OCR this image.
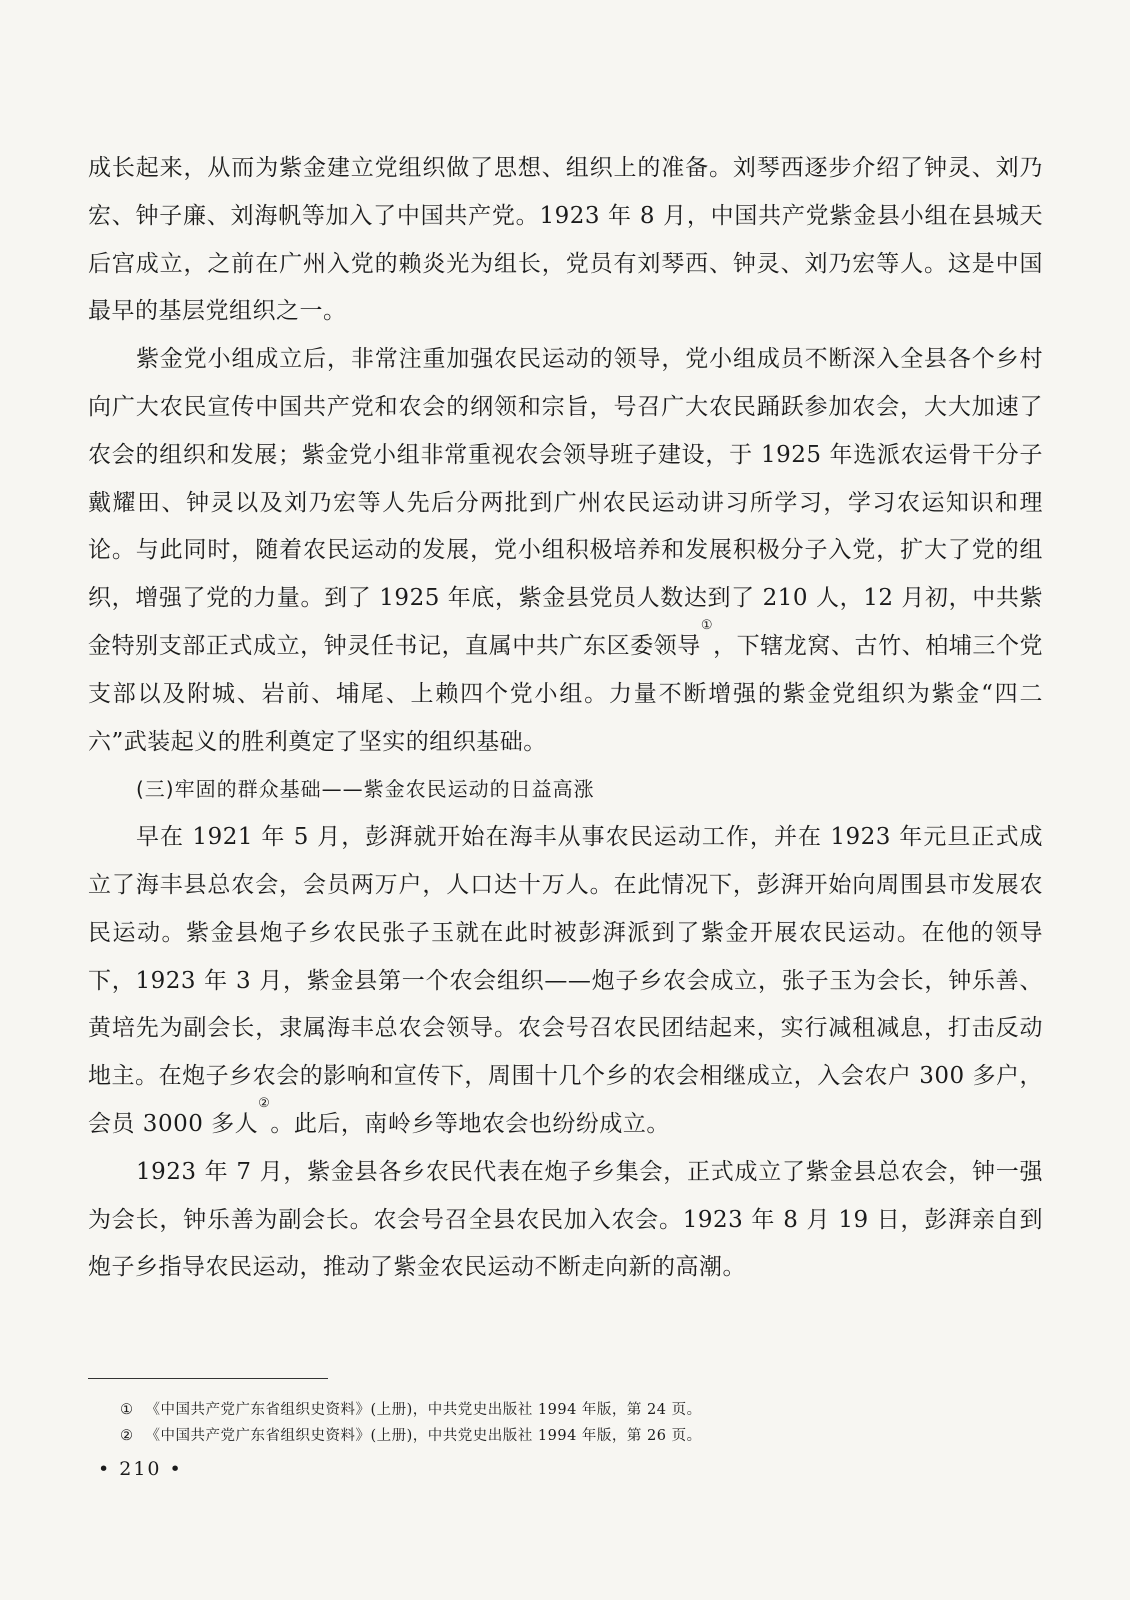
成长起来，从而为紫金建立党组织做了思想、组织上的准备。刘琴西逐步介绍了钟灵、刘乃宏、钟子廉、刘海帆等加入了中国共产党。1923 年 8 月，中国共产党紫金县小组在县城天后宫成立，之前在广州入党的赖炎光为组长，党员有刘琴西、钟灵、刘乃宏等人。这是中国最早的基层党组织之一。

紫金党小组成立后，非常注重加强农民运动的领导，党小组成员不断深入全县各个乡村向广大农民宣传中国共产党和农会的纲领和宗旨，号召广大农民踊跃参加农会，大大加速了农会的组织和发展；紫金党小组非常重视农会领导班子建设，于 1925 年选派农运骨干分子戴耀田、钟灵以及刘乃宏等人先后分两批到广州农民运动讲习所学习，学习农运知识和理论。与此同时，随着农民运动的发展，党小组积极培养和发展积极分子入党，扩大了党的组织，增强了党的力量。到了 1925 年底，紫金县党员人数达到了 210 人，12 月初，中共紫金特别支部正式成立，钟灵任书记，直属中共广东区委领导①，下辖龙窝、古竹、柏埔三个党支部以及附城、岩前、埔尾、上赖四个党小组。力量不断增强的紫金党组织为紫金“四二六”武装起义的胜利奠定了坚实的组织基础。

(三)牢固的群众基础——紫金农民运动的日益高涨

早在 1921 年 5 月，彭湃就开始在海丰从事农民运动工作，并在 1923 年元旦正式成立了海丰县总农会，会员两万户，人口达十万人。在此情况下，彭湃开始向周围县市发展农民运动。紫金县炮子乡农民张子玉就在此时被彭湃派到了紫金开展农民运动。在他的领导下，1923 年 3 月，紫金县第一个农会组织——炮子乡农会成立，张子玉为会长，钟乐善、黄培先为副会长，隶属海丰总农会领导。农会号召农民团结起来，实行减租减息，打击反动地主。在炮子乡农会的影响和宣传下，周围十几个乡的农会相继成立，入会农户 300 多户，会员 3000 多人②。此后，南岭乡等地农会也纷纷成立。

1923 年 7 月，紫金县各乡农民代表在炮子乡集会，正式成立了紫金县总农会，钟一强为会长，钟乐善为副会长。农会号召全县农民加入农会。1923 年 8 月 19 日，彭湃亲自到炮子乡指导农民运动，推动了紫金农民运动不断走向新的高潮。

① 《中国共产党广东省组织史资料》(上册)，中共党史出版社 1994 年版，第 24 页。

② 《中国共产党广东省组织史资料》(上册)，中共党史出版社 1994 年版，第 26 页。

• 210 •
